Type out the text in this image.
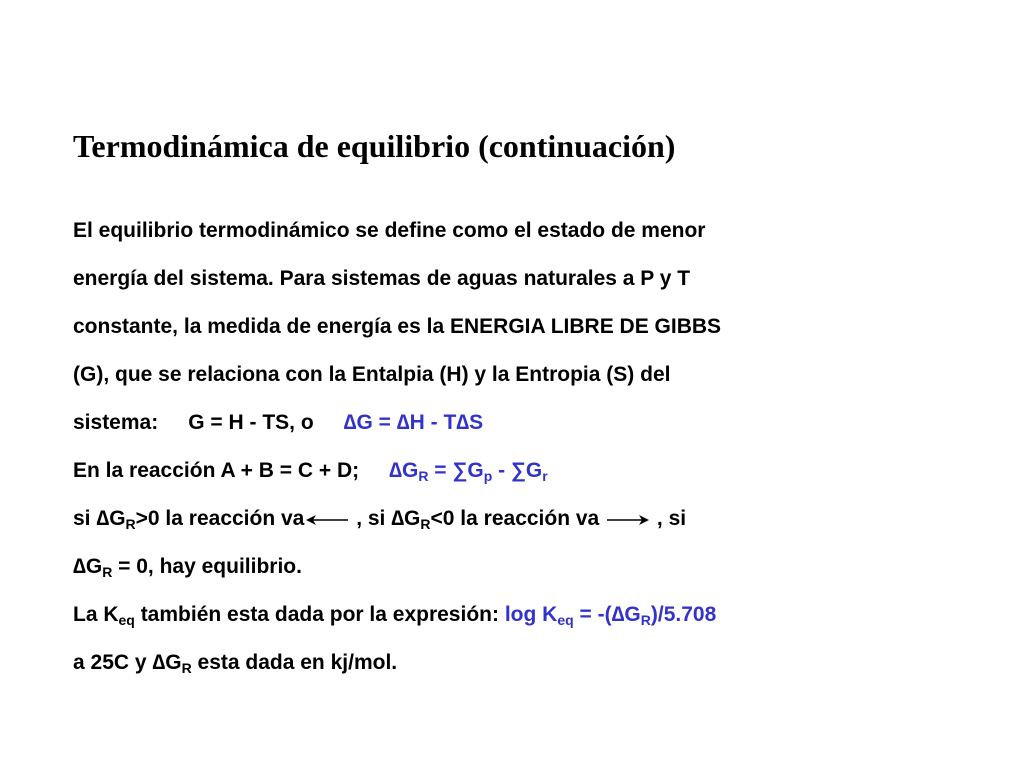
Termodinámica de equilibrio (continuación)
El equilibrio termodinámico se define como el estado de menor
energía del sistema. Para sistemas de aguas naturales a P y T
constante, la medida de energía es la ENERGIA LIBRE DE GIBBS
(G), que se relaciona con la Entalpia (H) y la Entropia (S) del
sistema: G = H - TS, o ∆G = ∆H - T∆S
En la reacción A + B = C + D; $\Delta G_R = \sum G_p - \sum G_r$
si $\Delta G_R>0$ la reacción va , si $\Delta G_R<0$ la reacción va  , si
$\Delta G_R = 0$, hay equilibrio.
La $K_{eq}$ también esta dada por la expresión: $\log K_{eq} = -(\Delta G_R)/5.708$
a 25C y $\Delta G_R$ esta dada en kj/mol.
